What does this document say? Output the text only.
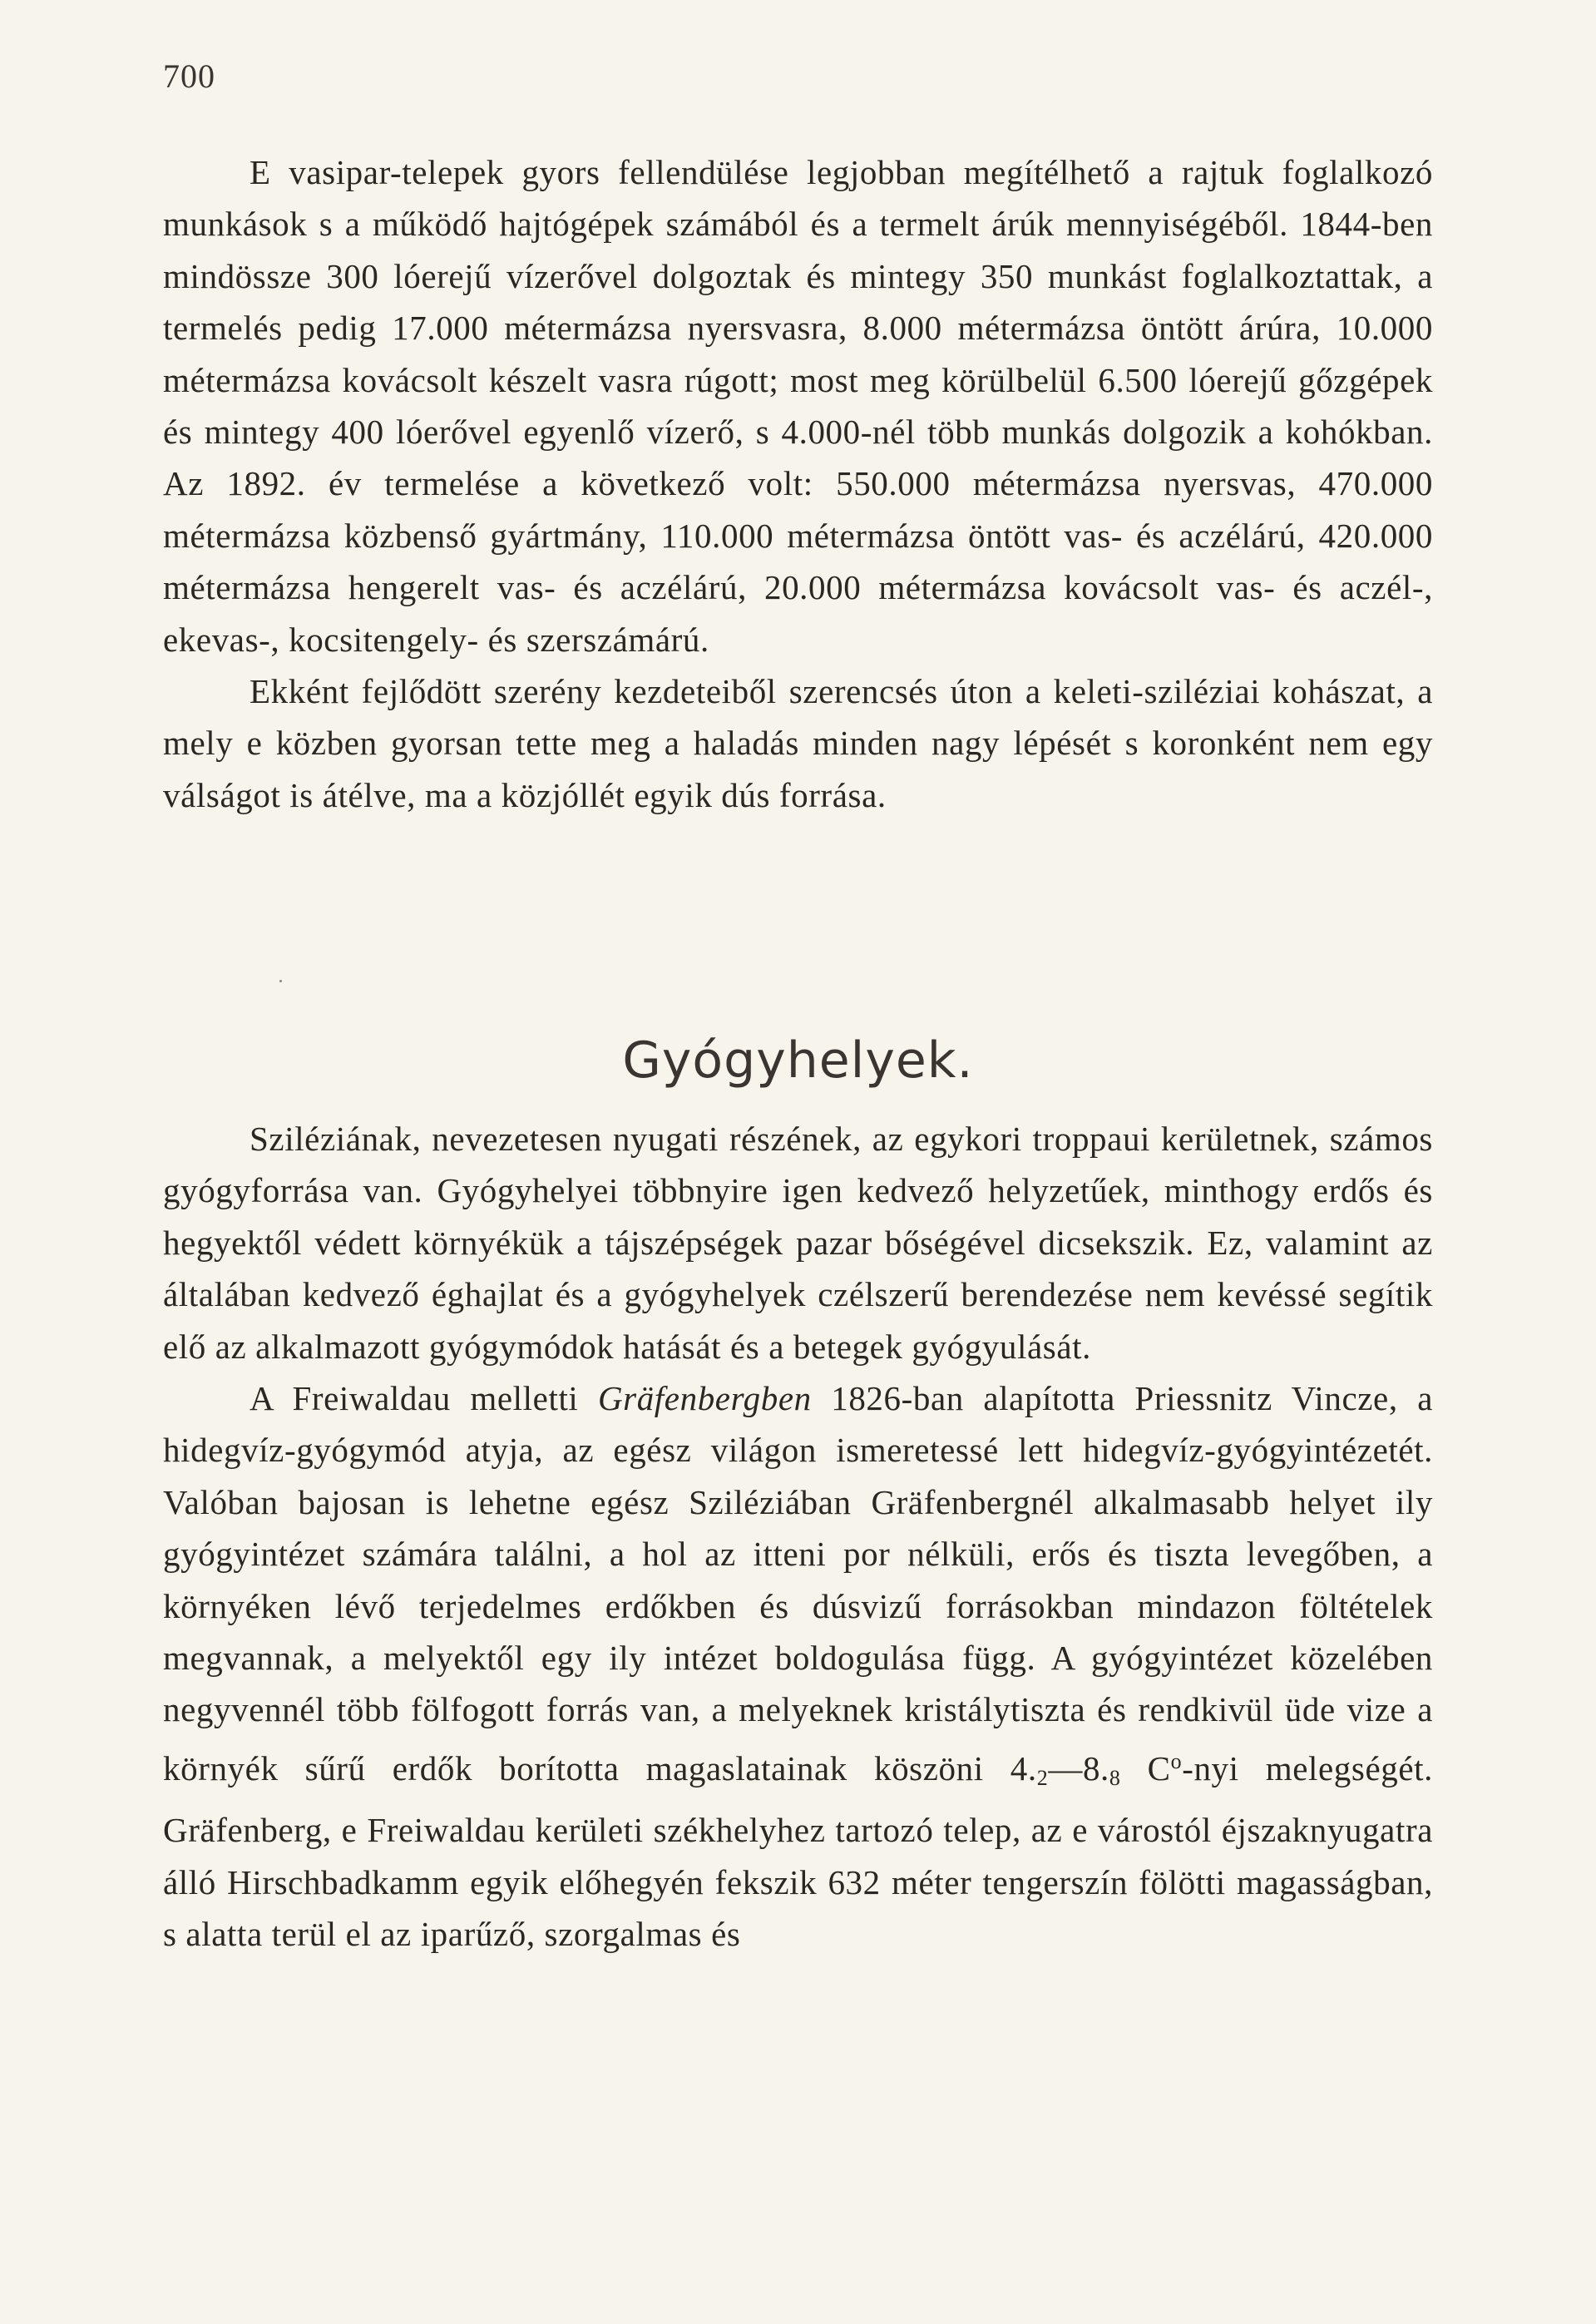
700

E vasipar-telepek gyors fellendülése legjobban megítélhető a rajtuk foglalkozó munkások s a működő hajtógépek számából és a termelt árúk mennyiségéből. 1844-ben mindössze 300 lóerejű vízerővel dolgoztak és mintegy 350 munkást foglalkoztattak, a termelés pedig 17.000 métermázsa nyersvasra, 8.000 métermázsa öntött árúra, 10.000 métermázsa kovácsolt készelt vasra rúgott; most meg körülbelül 6.500 lóerejű gőzgépek és mintegy 400 lóerővel egyenlő vízerő, s 4.000-nél több munkás dolgozik a kohókban. Az 1892. év termelése a következő volt: 550.000 métermázsa nyersvas, 470.000 métermázsa közbenső gyártmány, 110.000 métermázsa öntött vas- és aczélárú, 420.000 métermázsa hengerelt vas- és aczélárú, 20.000 métermázsa kovácsolt vas- és aczél-, ekevas-, kocsitengely- és szerszámárú.

Ekként fejlődött szerény kezdeteiből szerencsés úton a keleti-sziléziai kohászat, a mely e közben gyorsan tette meg a haladás minden nagy lépését s koronként nem egy válságot is átélve, ma a közjóllét egyik dús forrása.

Gyógyhelyek.

Sziléziának, nevezetesen nyugati részének, az egykori troppaui kerületnek, számos gyógyforrása van. Gyógyhelyei többnyire igen kedvező helyzetűek, minthogy erdős és hegyektől védett környékük a tájszépségek pazar bőségével dicsekszik. Ez, valamint az általában kedvező éghajlat és a gyógyhelyek czélszerű berendezése nem kevéssé segítik elő az alkalmazott gyógymódok hatását és a betegek gyógyulását.

A Freiwaldau melletti Gräfenbergben 1826-ban alapította Priessnitz Vincze, a hidegvíz-gyógymód atyja, az egész világon ismeretessé lett hidegvíz-gyógyintézetét. Valóban bajosan is lehetne egész Sziléziában Gräfenbergnél alkalmasabb helyet ily gyógyintézet számára találni, a hol az itteni por nélküli, erős és tiszta levegőben, a környéken lévő terjedelmes erdőkben és dúsvizű forrásokban mindazon föltételek megvannak, a melyektől egy ily intézet boldogulása függ. A gyógyintézet közelében negyvennél több fölfogott forrás van, a melyeknek kristálytiszta és rendkivül üde vize a környék sűrű erdők borította magaslatainak köszöni $4._2—8._8$ $C^o$-nyi melegségét. Gräfenberg, e Freiwaldau kerületi székhelyhez tartozó telep, az e várostól éjszaknyugatra álló Hirschbadkamm egyik előhegyén fekszik 632 méter tengerszín fölötti magasságban, s alatta terül el az iparűző, szorgalmas és
